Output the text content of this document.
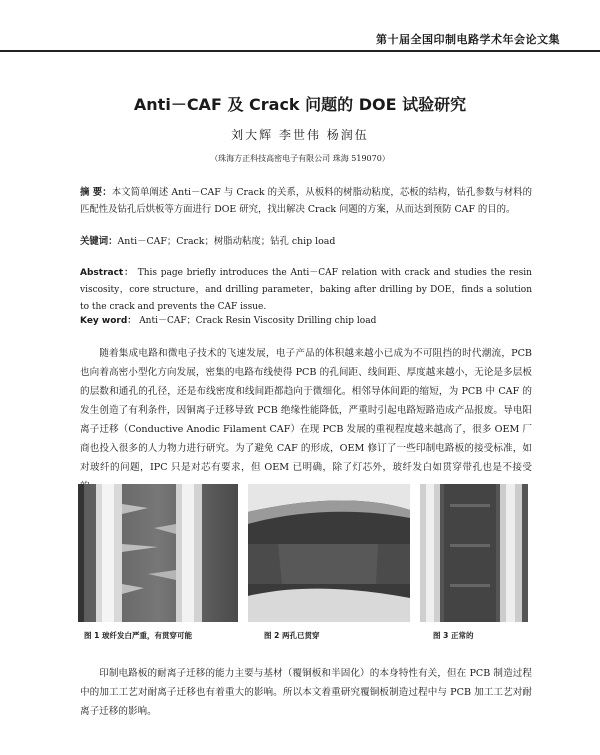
第十届全国印制电路学术年会论文集
Anti－CAF 及 Crack 问题的 DOE 试验研究
刘大辉 李世伟 杨润伍
（珠海方正科技高密电子有限公司 珠海 519070）
摘 要：本文简单阐述 Anti－CAF 与 Crack 的关系，从板料的树脂动粘度，芯板的结构，钻孔参数与材料的匹配性及钻孔后烘板等方面进行 DOE 研究，找出解决 Crack 问题的方案，从而达到预防 CAF 的目的。
关键词：Anti－CAF；Crack；树脂动粘度；钻孔 chip load
Abstract： This page briefly introduces the Anti－CAF relation with crack and studies the resin viscosity，core structure，and drilling parameter，baking after drilling by DOE，finds a solution to the crack and prevents the CAF issue.
Key word： Anti－CAF；Crack Resin Viscosity Drilling chip load
随着集成电路和微电子技术的飞速发展，电子产品的体积越来越小已成为不可阻挡的时代潮流，PCB 也向着高密小型化方向发展，密集的电路布线使得 PCB 的孔间距、线间距、厚度越来越小，无论是多层板的层数和通孔的孔径，还是布线密度和线间距都趋向于微细化。相邻导体间距的缩短，为 PCB 中 CAF 的发生创造了有利条件，因铜离子迁移导致 PCB 绝缘性能降低，严重时引起电路短路造成产品报废。导电阳离子迁移（Conductive Anodic Filament CAF）在现 PCB 发展的重视程度越来越高了，很多 OEM 厂商也投入很多的人力物力进行研究。为了避免 CAF 的形成，OEM 修订了一些印制电路板的接受标准，如对玻纤的问题，IPC 只是对芯有要求，但 OEM 已明确，除了灯芯外，玻纤发白如贯穿带孔也是不接受
图 1 玻纤发白严重，有贯穿可能	图 2 两孔已贯穿	图 3 正常的
印制电路板的耐离子迁移的能力主要与基材（覆铜板和半固化）的本身特性有关，但在 PCB 制造过程中的加工工艺对耐离子迁移也有着重大的影响。所以本文着重研究覆铜板制造过程中与 PCB 加工工艺对耐离子迁移的影响。
